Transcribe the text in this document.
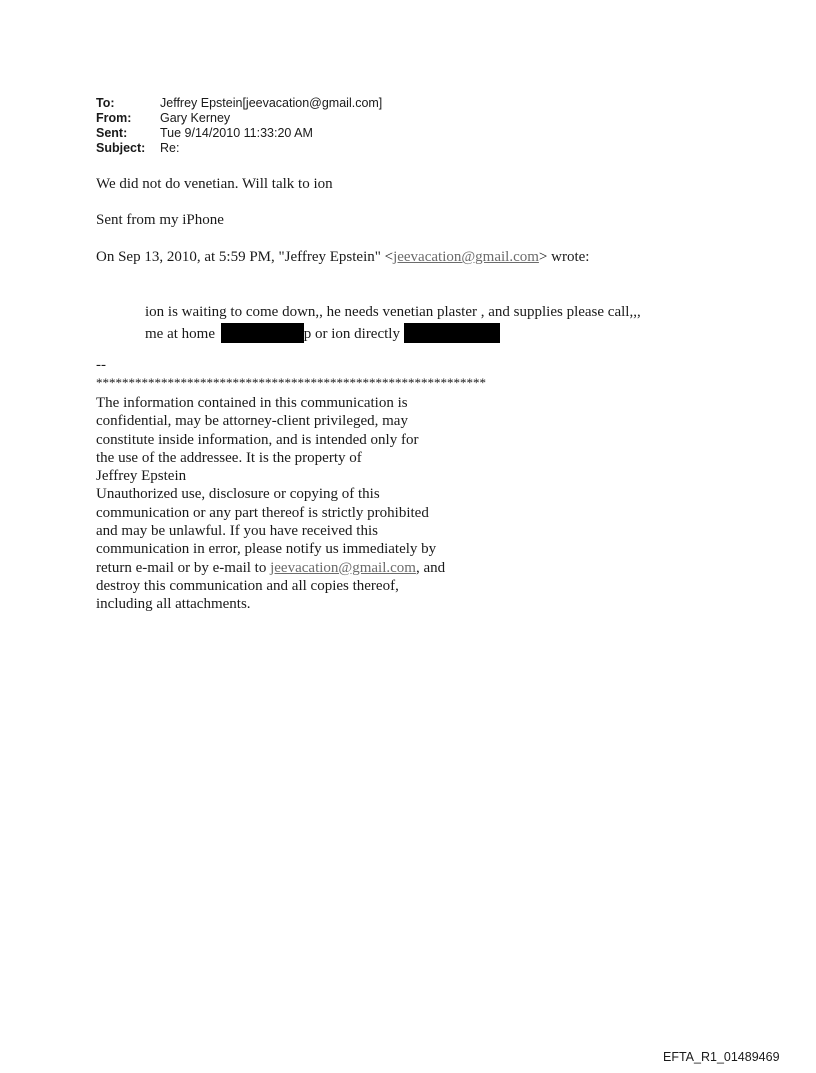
To:	Jeffrey Epstein[jeevacation@gmail.com]
From:	Gary Kerney
Sent:	Tue 9/14/2010 11:33:20 AM
Subject:	Re:
We did not do venetian. Will talk to ion
Sent from my iPhone
On Sep 13, 2010, at 5:59 PM, "Jeffrey Epstein" <jeevacation@gmail.com> wrote:
ion is waiting to come down,, he needs venetian plaster , and supplies please call,,,
me at home	p or ion directly
--
************************************************************
The information contained in this communication is
confidential, may be attorney-client privileged, may
constitute inside information, and is intended only for
the use of the addressee. It is the property of
Jeffrey Epstein
Unauthorized use, disclosure or copying of this
communication or any part thereof is strictly prohibited
and may be unlawful. If you have received this
communication in error, please notify us immediately by
return e-mail or by e-mail to jeevacation@gmail.com, and
destroy this communication and all copies thereof,
including all attachments.
EFTA_R1_01489469
